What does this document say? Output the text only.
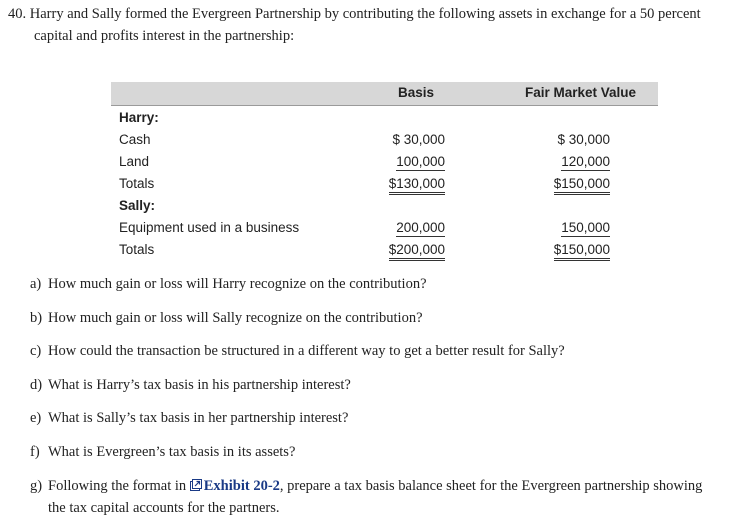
40. Harry and Sally formed the Evergreen Partnership by contributing the following assets in exchange for a 50 percent
capital and profits interest in the partnership:
Basis	Fair Market Value
Harry:
Cash	$ 30,000	$ 30,000
Land	100,000	120,000
Totals	$130,000	$150,000
Sally:
Equipment used in a business	200,000	150,000
Totals	$200,000	$150,000
a) How much gain or loss will Harry recognize on the contribution?
b) How much gain or loss will Sally recognize on the contribution?
c) How could the transaction be structured in a different way to get a better result for Sally?
d) What is Harry’s tax basis in his partnership interest?
e) What is Sally’s tax basis in her partnership interest?
f) What is Evergreen’s tax basis in its assets?
g) Following the format in Exhibit 20-2, prepare a tax basis balance sheet for the Evergreen partnership showing
the tax capital accounts for the partners.
